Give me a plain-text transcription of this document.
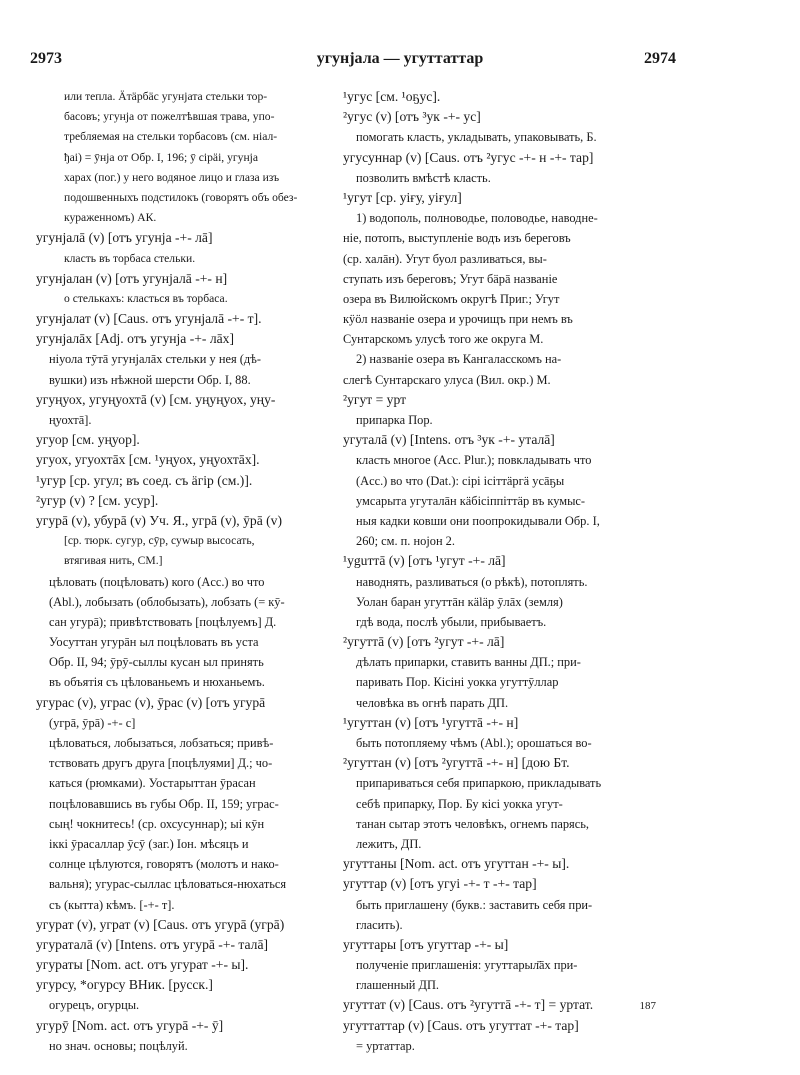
2973	угунјала — угуттаттар	2974
или тепла. Ӓтäрбäс угунјата стельки тор-
басовъ; угунја от пожелтѣвшая трава, упо-
требляемая на стельки торбасовъ (см. ніал-
ђаі) = ӯнја от Обр. I, 196; ӯ сірäі, угунја
харах (пог.) у него водяное лицо и глаза изъ
подошвенныхъ подстилокъ (говорятъ объ обез-
кураженномъ) АК.
угунјалā (v) [отъ угунја -+- лā]
класть въ торбаса стельки.
угунјалан (v) [отъ угунјалā -+- н]
о стелькахъ: класться въ торбаса.
угунјалат (v) [Caus. отъ угунјалā -+- т].
угунјалāх [Adj. отъ угунја -+- лāх]
ніуола тӯтā угунјалāх стельки у нея (дѣ-
вушки) изъ нѣжной шерсти Обр. I, 88.
угуңуох, угуңуохтā (v) [см. уңуңуох, уңу-
ңуохтā].
угуор [см. уңуор].
угуох, угуохтāх [см. ¹уңуох, уңуохтāх].
¹угур [ср. угул; въ соед. съ äгір (см.)].
²угур (v) ? [см. усур].
угурā (v), убурā (v) Уч. Я., угрā (v), ӯрā (v)
[ср. тюрк. сугур, сӯр, суwыр высосать,
втягивая нить, СМ.]
цѣловать (поцѣловать) кого (Acc.) во что
(Abl.), лобызать (облобызать), лобзать (= кӯ-
сан угурā); привѣтствовать [поцѣлуемъ] Д.
Уосуттан угурāн ыл поцѣловать въ уста
Обр. II, 94; ӯрӯ-сыллы кусан ыл принять
въ объятія съ цѣлованьемъ и нюханьемъ.
угурас (v), уграс (v), ӯрас (v) [отъ угурā
(угрā, ӯрā) -+- с]
цѣловаться, лобызаться, лобзаться; привѣ-
тствовать другъ друга [поцѣлуями] Д.; чо-
каться (рюмками). Уостарыттан ӯрасан
поцѣловавшись въ губы Обр. II, 159; уграс-
сың! чокнитесь! (ср. охсусуннар); ыі кӯн
іккі ӯрасаллар ӯсӯ (заг.) Іон. мѣсяцъ и
солнце цѣлуются, говорятъ (молотъ и нако-
вальня); угурас-сыллас цѣловаться-нюхаться
съ (кытта) кѣмъ. [-+- т].
угурат (v), уграт (v) [Caus. отъ угурā (угрā)
угураталā (v) [Intens. отъ угурā -+- талā]
угураты [Nom. act. отъ угурат -+- ы].
угурсу, *огурсу ВНик. [русск.]
огурецъ, огурцы.
угурӯ [Nom. act. отъ угурā -+- ӯ]
но знач. основы; поцѣлуй.
¹угус [см. ¹оҕус].
²угус (v) [отъ ³ук -+- ус]
помогать класть, укладывать, упаковывать, Б.
угусуннар (v) [Caus. отъ ²угус -+- н -+- тар]
позволить вмѣстѣ класть.
¹угут [ср. уіғу, уіғул]
1) водополь, полноводье, половодье, наводне-
ніе, потопъ, выступленіе водъ изъ береговъ
(ср. халāн). Угут буол разливаться, вы-
ступать изъ береговъ; Угут бäрā названіе
озера въ Вилюйскомъ округѣ Приг.; Угут
кӱӧл названіе озера и урочищъ при немъ въ
Сунтарскомъ улусѣ того же округа М.
2) названіе озера въ Кангаласскомъ на-
слегѣ Сунтарскаго улуса (Вил. окр.) М.
²угут = урт
припарка Пор.
угуталā (v) [Intens. отъ ³ук -+- уталā]
класть многое (Acc. Plur.); повкладывать что
(Acc.) во что (Dat.): сірі ісіттäргä усāҕы
умсарыта угуталāн кäбісіппіттäр въ кумыс-
ныя кадки ковши они поопрокидывали Обр. I,
260; см. п. нојон 2.
¹уguттā (v) [отъ ¹угут -+- лā]
наводнять, разливаться (о рѣкѣ), потоплять.
Уолан баран угуттāн кäläр ӯлāх (земля)
гдѣ вода, послѣ убыли, прибываетъ.
²угуттā (v) [отъ ²угут -+- лā]
дѣлать припарки, ставить ванны ДП.; при-
паривать Пор. Кісіні уокка угуттӯллар
человѣка въ огнѣ парать ДП.
¹угуттан (v) [отъ ¹угуттā -+- н]
быть потопляему чѣмъ (Abl.); орошаться во-
²угуттан (v) [отъ ²угуттā -+- н] [дою Бт.
припариваться себя припаркою, прикладывать
себѣ припарку, Пор. Бу кісі уокка угут-
танан сытар этотъ человѣкъ, огнемъ парясь,
лежитъ, ДП.
угуттаны [Nom. act. отъ угуттан -+- ы].
угуттар (v) [отъ угуі -+- т -+- тар]
быть приглашену (букв.: заставить себя при-
гласить).
угуттары [отъ угуттар -+- ы]
полученіе приглашенія: угуттарыл̄āх при-
глашенный ДП.
угуттат (v) [Caus. отъ ²угуттā -+- т] = уртат.
угуттаттар (v) [Caus. отъ угуттат -+- тар]
= уртаттар.
187
